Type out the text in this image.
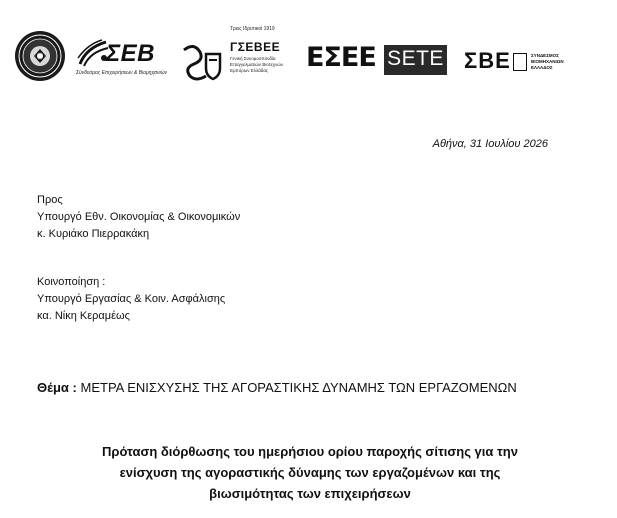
ΣΕΒ
Σύνδεσμος Επιχειρήσεων & Βιομηχανιών
Τρεις Ιδρυτικοί 1919
ΓΣΕΒΕΕ
Γενική Συνομοσπονδία Επαγγελματιών Βιοτεχνών Εμπόρων Ελλάδας	ΕΣΕΕ SETE ΣΒΕ	ΣΥΝΔΕΣΜΟΣ ΒΙΟΜΗΧΑΝΙΩΝ ΕΛΛΑΔΟΣ
Αθήνα, 31 Ιουλίου 2026
Προς
Υπουργό Εθν. Οικονομίας & Οικονομικών
κ. Κυριάκο Πιερρακάκη
Κοινοποίηση :
Υπουργό Εργασίας & Κοιν. Ασφάλισης
κα. Νίκη Κεραμέως
Θέμα : ΜΕΤΡΑ ΕΝΙΣΧΥΣΗΣ ΤΗΣ ΑΓΟΡΑΣΤΙΚΗΣ ΔΥΝΑΜΗΣ ΤΩΝ ΕΡΓΑΖΟΜΕΝΩΝ
Πρόταση διόρθωσης του ημερήσιου ορίου παροχής σίτισης για την
ενίσχυση της αγοραστικής δύναμης των εργαζομένων και της
βιωσιμότητας των επιχειρήσεων
